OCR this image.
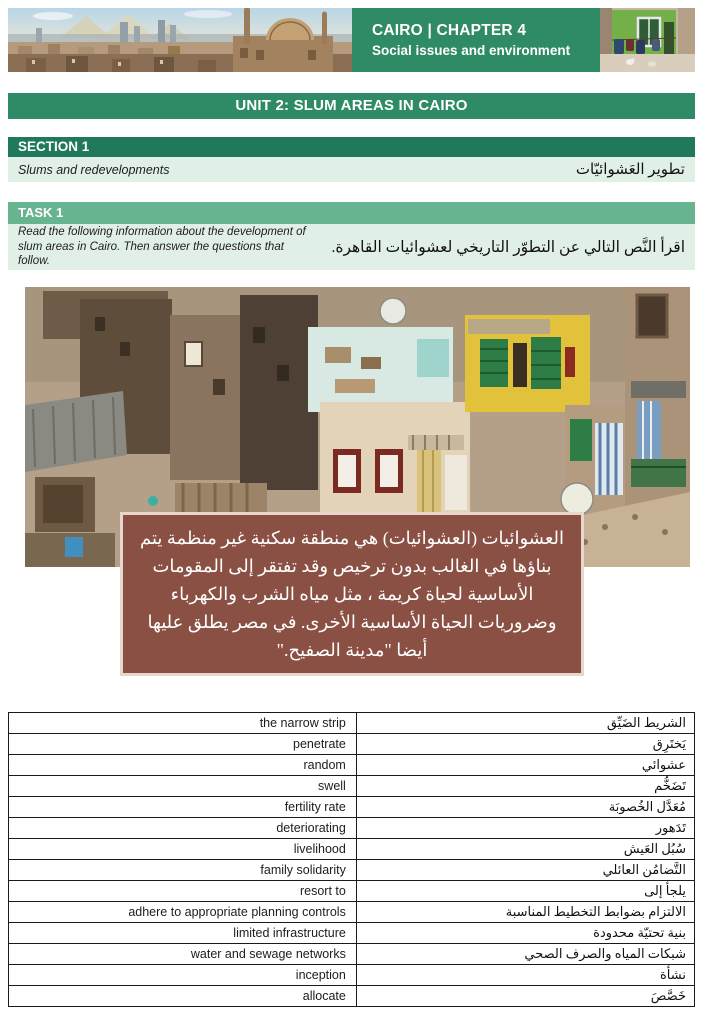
CAIRO | CHAPTER 4
Social issues and environment
UNIT 2: SLUM AREAS IN CAIRO
SECTION 1
Slums and redevelopments	تطوير العَشوائيّات
TASK 1
Read the following information about the development of slum areas in Cairo. Then answer the questions that follow.
اقرأ النَّص التالي عن التطوّر التاريخي لعشوائيات القاهرة.
العشوائيات (العشوائيات) هي منطقة سكنية غير منظمة يتم بناؤها في الغالب بدون ترخيص وقد تفتقر إلى المقومات الأساسية لحياة كريمة ، مثل مياه الشرب والكهرباء وضروريات الحياة الأساسية الأخرى. في مصر يطلق عليها أيضا "مدينة الصفيح."
the narrow strip	الشريط الضَيِّق
penetrate	يَختَرِق
random	عشوائي
swell	تَضَخُّم
fertility rate	مُعَدَّل الخُصوبَة
deteriorating	تَدَهور
livelihood	سُبُل العَيش
family solidarity	التَّضامُن العائلي
resort to	يلجأ إلى
adhere to appropriate planning controls	الالتزام بضوابط التخطيط المناسبة
limited infrastructure	بنية تحتيّة محدودة
water and sewage networks	شبكات المياه والصرف الصحي
inception	نشأة
allocate	خَصَّصَ
